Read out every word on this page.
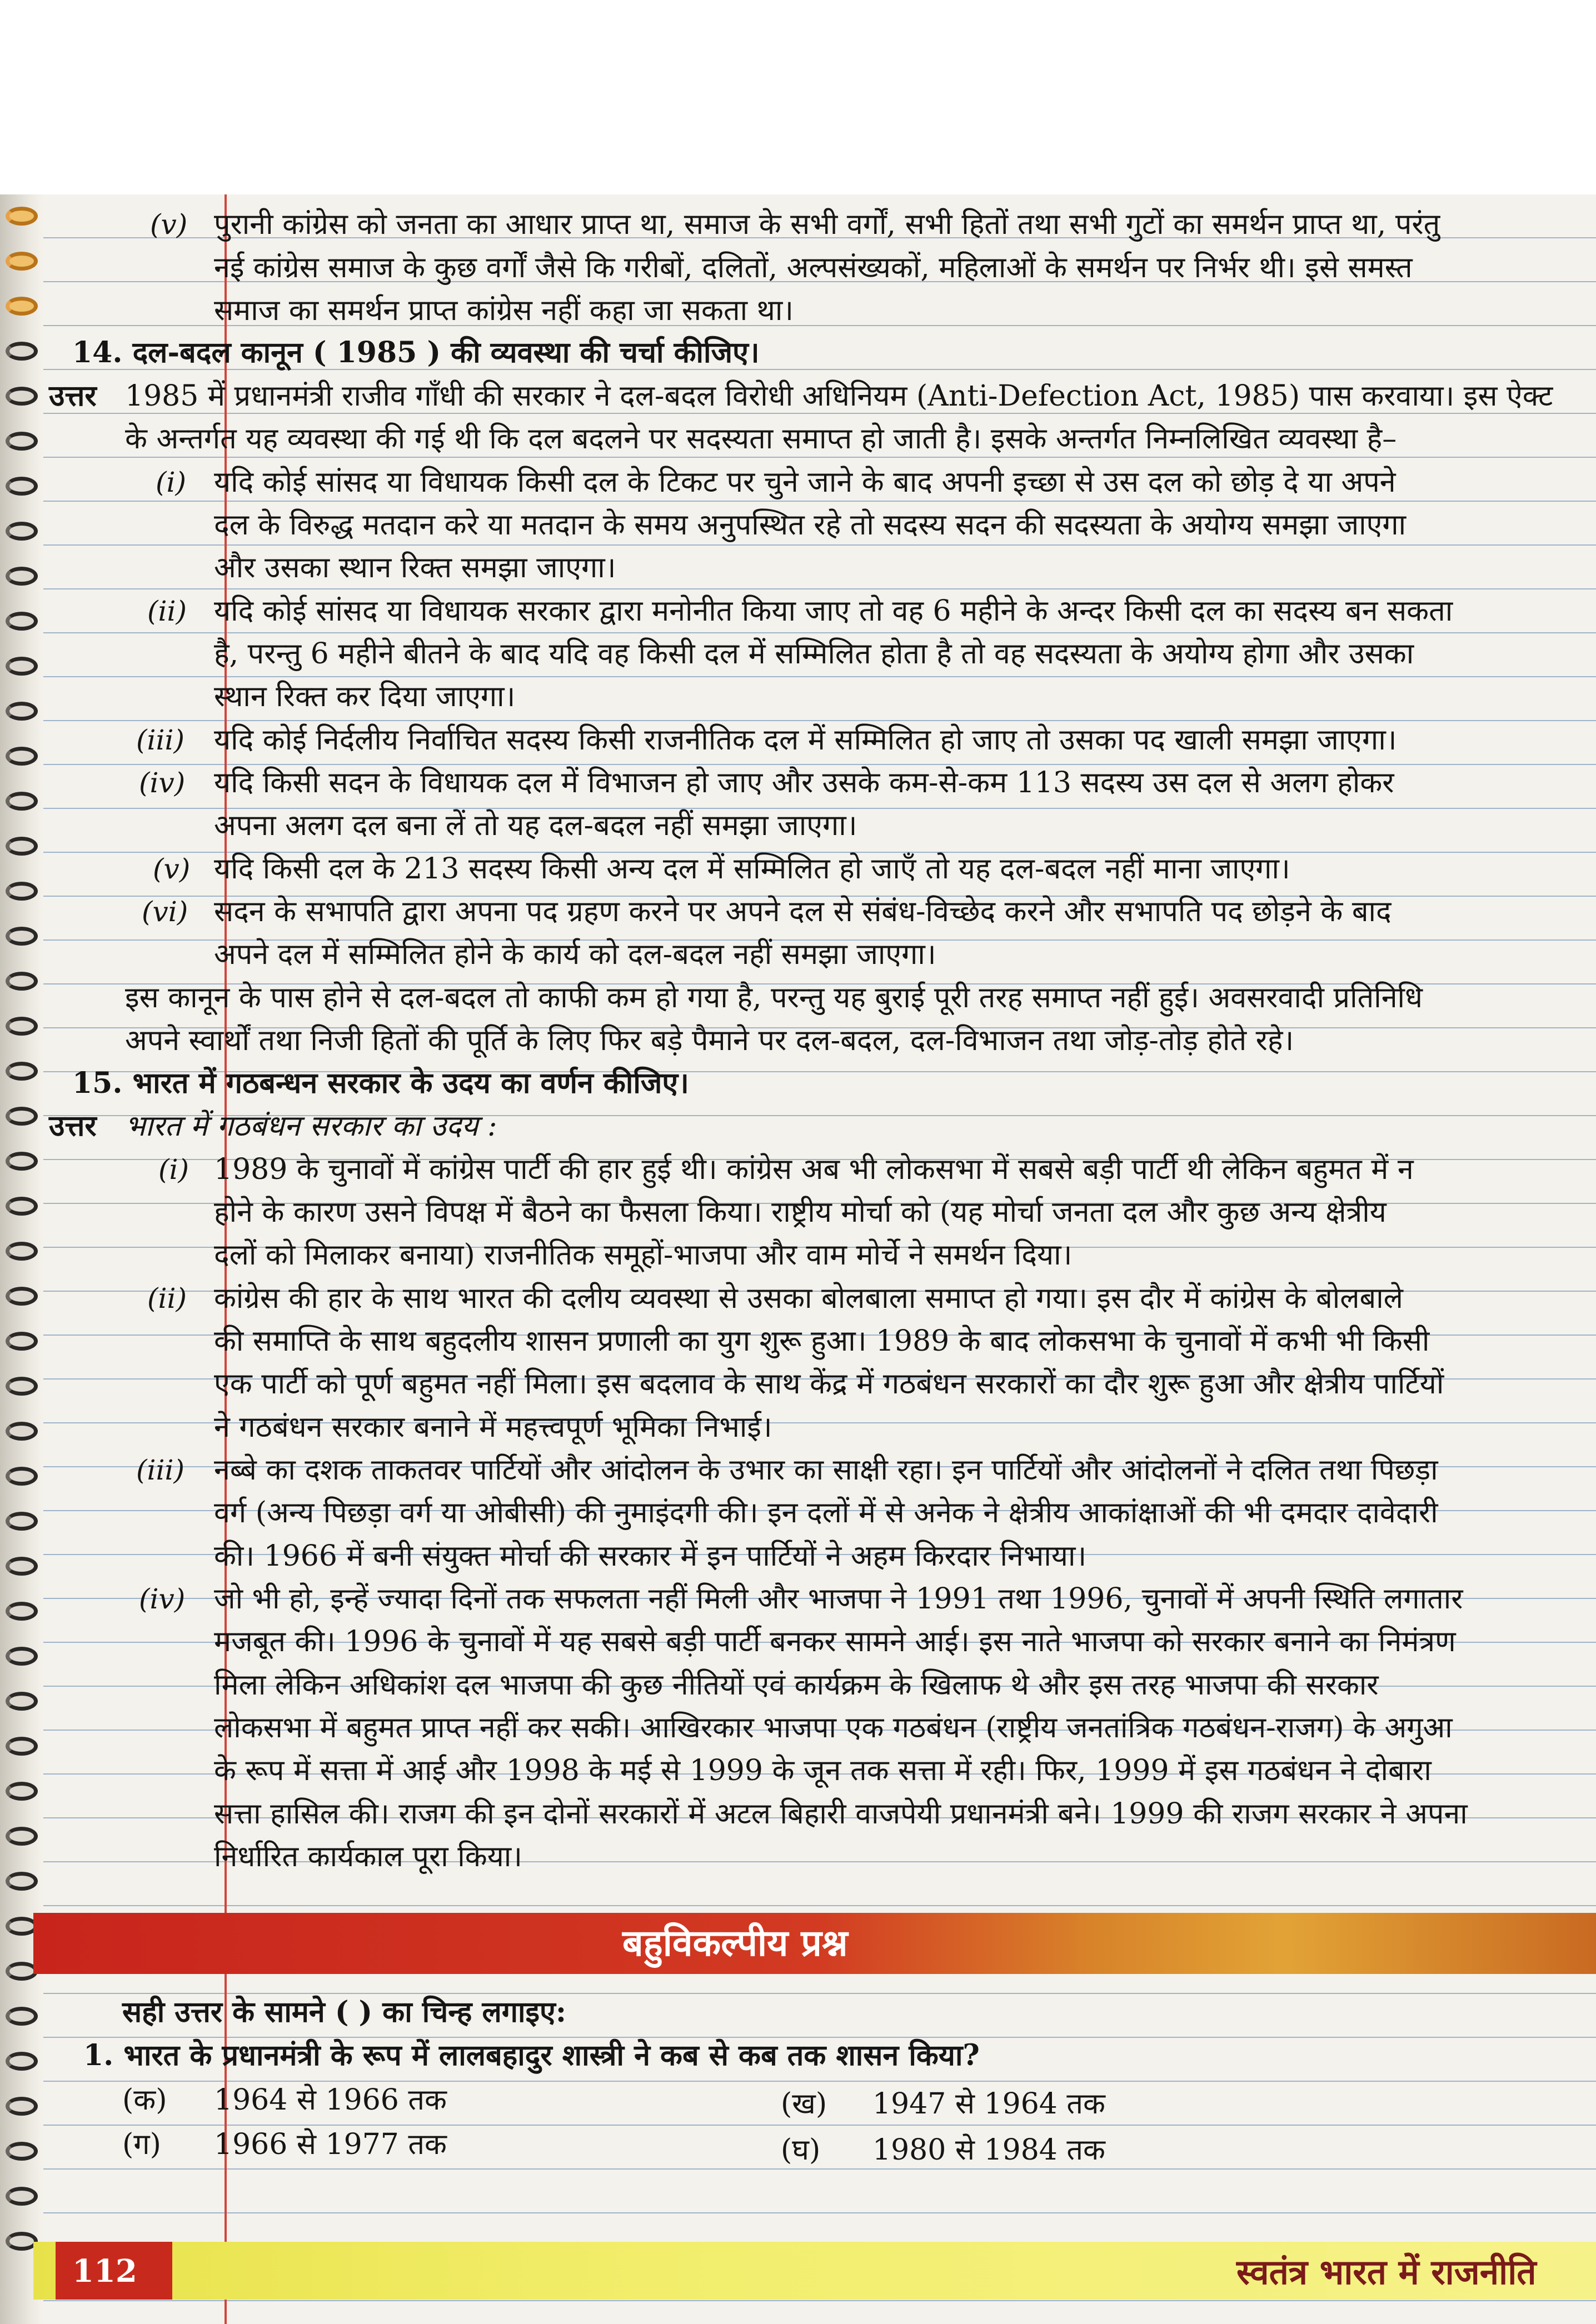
(v) पुरानी कांग्रेस को जनता का आधार प्राप्त था, समाज के सभी वर्गों, सभी हितों तथा सभी गुटों का समर्थन प्राप्त था, परंतु
नई कांग्रेस समाज के कुछ वर्गों जैसे कि गरीबों, दलितों, अल्पसंख्यकों, महिलाओं के समर्थन पर निर्भर थी। इसे समस्त
समाज का समर्थन प्राप्त कांग्रेस नहीं कहा जा सकता था।
14. दल-बदल कानून ( 1985 ) की व्यवस्था की चर्चा कीजिए।
उत्तर 1985 में प्रधानमंत्री राजीव गाँधी की सरकार ने दल-बदल विरोधी अधिनियम (Anti-Defection Act, 1985) पास करवाया। इस ऐक्ट
के अन्तर्गत यह व्यवस्था की गई थी कि दल बदलने पर सदस्यता समाप्त हो जाती है। इसके अन्तर्गत निम्नलिखित व्यवस्था है–
(i) यदि कोई सांसद या विधायक किसी दल के टिकट पर चुने जाने के बाद अपनी इच्छा से उस दल को छोड़ दे या अपने
दल के विरुद्ध मतदान करे या मतदान के समय अनुपस्थित रहे तो सदस्य सदन की सदस्यता के अयोग्य समझा जाएगा
और उसका स्थान रिक्त समझा जाएगा।
(ii) यदि कोई सांसद या विधायक सरकार द्वारा मनोनीत किया जाए तो वह 6 महीने के अन्दर किसी दल का सदस्य बन सकता
है, परन्तु 6 महीने बीतने के बाद यदि वह किसी दल में सम्मिलित होता है तो वह सदस्यता के अयोग्य होगा और उसका
स्थान रिक्त कर दिया जाएगा।
(iii) यदि कोई निर्दलीय निर्वाचित सदस्य किसी राजनीतिक दल में सम्मिलित हो जाए तो उसका पद खाली समझा जाएगा।
(iv) यदि किसी सदन के विधायक दल में विभाजन हो जाए और उसके कम-से-कम 113 सदस्य उस दल से अलग होकर
अपना अलग दल बना लें तो यह दल-बदल नहीं समझा जाएगा।
(v) यदि किसी दल के 213 सदस्य किसी अन्य दल में सम्मिलित हो जाएँ तो यह दल-बदल नहीं माना जाएगा।
(vi) सदन के सभापति द्वारा अपना पद ग्रहण करने पर अपने दल से संबंध-विच्छेद करने और सभापति पद छोड़ने के बाद
अपने दल में सम्मिलित होने के कार्य को दल-बदल नहीं समझा जाएगा।
इस कानून के पास होने से दल-बदल तो काफी कम हो गया है, परन्तु यह बुराई पूरी तरह समाप्त नहीं हुई। अवसरवादी प्रतिनिधि
अपने स्वार्थों तथा निजी हितों की पूर्ति के लिए फिर बड़े पैमाने पर दल-बदल, दल-विभाजन तथा जोड़-तोड़ होते रहे।
15. भारत में गठबन्धन सरकार के उदय का वर्णन कीजिए।
उत्तर भारत में गठबंधन सरकार का उदय :
(i) 1989 के चुनावों में कांग्रेस पार्टी की हार हुई थी। कांग्रेस अब भी लोकसभा में सबसे बड़ी पार्टी थी लेकिन बहुमत में न
होने के कारण उसने विपक्ष में बैठने का फैसला किया। राष्ट्रीय मोर्चा को (यह मोर्चा जनता दल और कुछ अन्य क्षेत्रीय
दलों को मिलाकर बनाया) राजनीतिक समूहों-भाजपा और वाम मोर्चे ने समर्थन दिया।
(ii) कांग्रेस की हार के साथ भारत की दलीय व्यवस्था से उसका बोलबाला समाप्त हो गया। इस दौर में कांग्रेस के बोलबाले
की समाप्ति के साथ बहुदलीय शासन प्रणाली का युग शुरू हुआ। 1989 के बाद लोकसभा के चुनावों में कभी भी किसी
एक पार्टी को पूर्ण बहुमत नहीं मिला। इस बदलाव के साथ केंद्र में गठबंधन सरकारों का दौर शुरू हुआ और क्षेत्रीय पार्टियों
ने गठबंधन सरकार बनाने में महत्त्वपूर्ण भूमिका निभाई।
(iii) नब्बे का दशक ताकतवर पार्टियों और आंदोलन के उभार का साक्षी रहा। इन पार्टियों और आंदोलनों ने दलित तथा पिछड़ा
वर्ग (अन्य पिछड़ा वर्ग या ओबीसी) की नुमाइंदगी की। इन दलों में से अनेक ने क्षेत्रीय आकांक्षाओं की भी दमदार दावेदारी
की। 1966 में बनी संयुक्त मोर्चा की सरकार में इन पार्टियों ने अहम किरदार निभाया।
(iv) जो भी हो, इन्हें ज्यादा दिनों तक सफलता नहीं मिली और भाजपा ने 1991 तथा 1996, चुनावों में अपनी स्थिति लगातार
मजबूत की। 1996 के चुनावों में यह सबसे बड़ी पार्टी बनकर सामने आई। इस नाते भाजपा को सरकार बनाने का निमंत्रण
मिला लेकिन अधिकांश दल भाजपा की कुछ नीतियों एवं कार्यक्रम के खिलाफ थे और इस तरह भाजपा की सरकार
लोकसभा में बहुमत प्राप्त नहीं कर सकी। आखिरकार भाजपा एक गठबंधन (राष्ट्रीय जनतांत्रिक गठबंधन-राजग) के अगुआ
के रूप में सत्ता में आई और 1998 के मई से 1999 के जून तक सत्ता में रही। फिर, 1999 में इस गठबंधन ने दोबारा
सत्ता हासिल की। राजग की इन दोनों सरकारों में अटल बिहारी वाजपेयी प्रधानमंत्री बने। 1999 की राजग सरकार ने अपना
निर्धारित कार्यकाल पूरा किया।
बहुविकल्पीय प्रश्न
सही उत्तर के सामने ( ) का चिन्ह लगाइए:
1. भारत के प्रधानमंत्री के रूप में लालबहादुर शास्त्री ने कब से कब तक शासन किया?
(क) 1964 से 1966 तक	(ख) 1947 से 1964 तक
(ग) 1966 से 1977 तक	(घ) 1980 से 1984 तक
112	स्वतंत्र भारत में राजनीति
